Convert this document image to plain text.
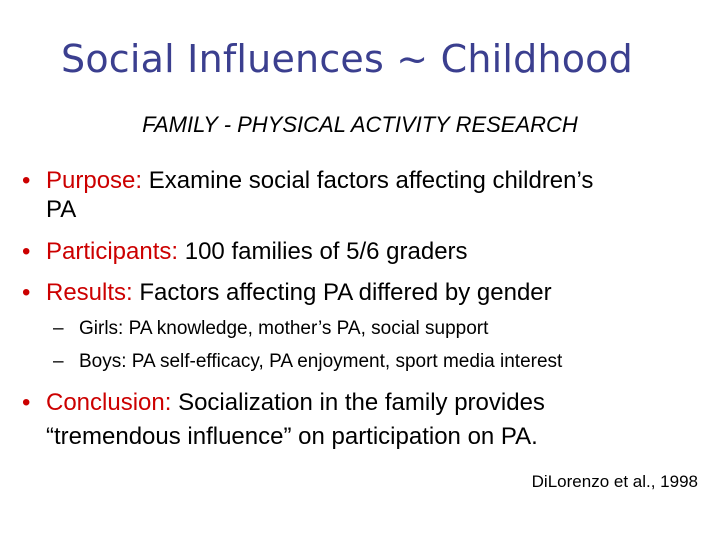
Social Influences ~ Childhood
FAMILY - PHYSICAL ACTIVITY RESEARCH
• Purpose: Examine social factors affecting children’s
PA
• Participants: 100 families of 5/6 graders
• Results: Factors affecting PA differed by gender
– Girls: PA knowledge, mother’s PA, social support
– Boys: PA self-efficacy, PA enjoyment, sport media interest
• Conclusion: Socialization in the family provides
“tremendous influence” on participation on PA.
DiLorenzo et al., 1998
